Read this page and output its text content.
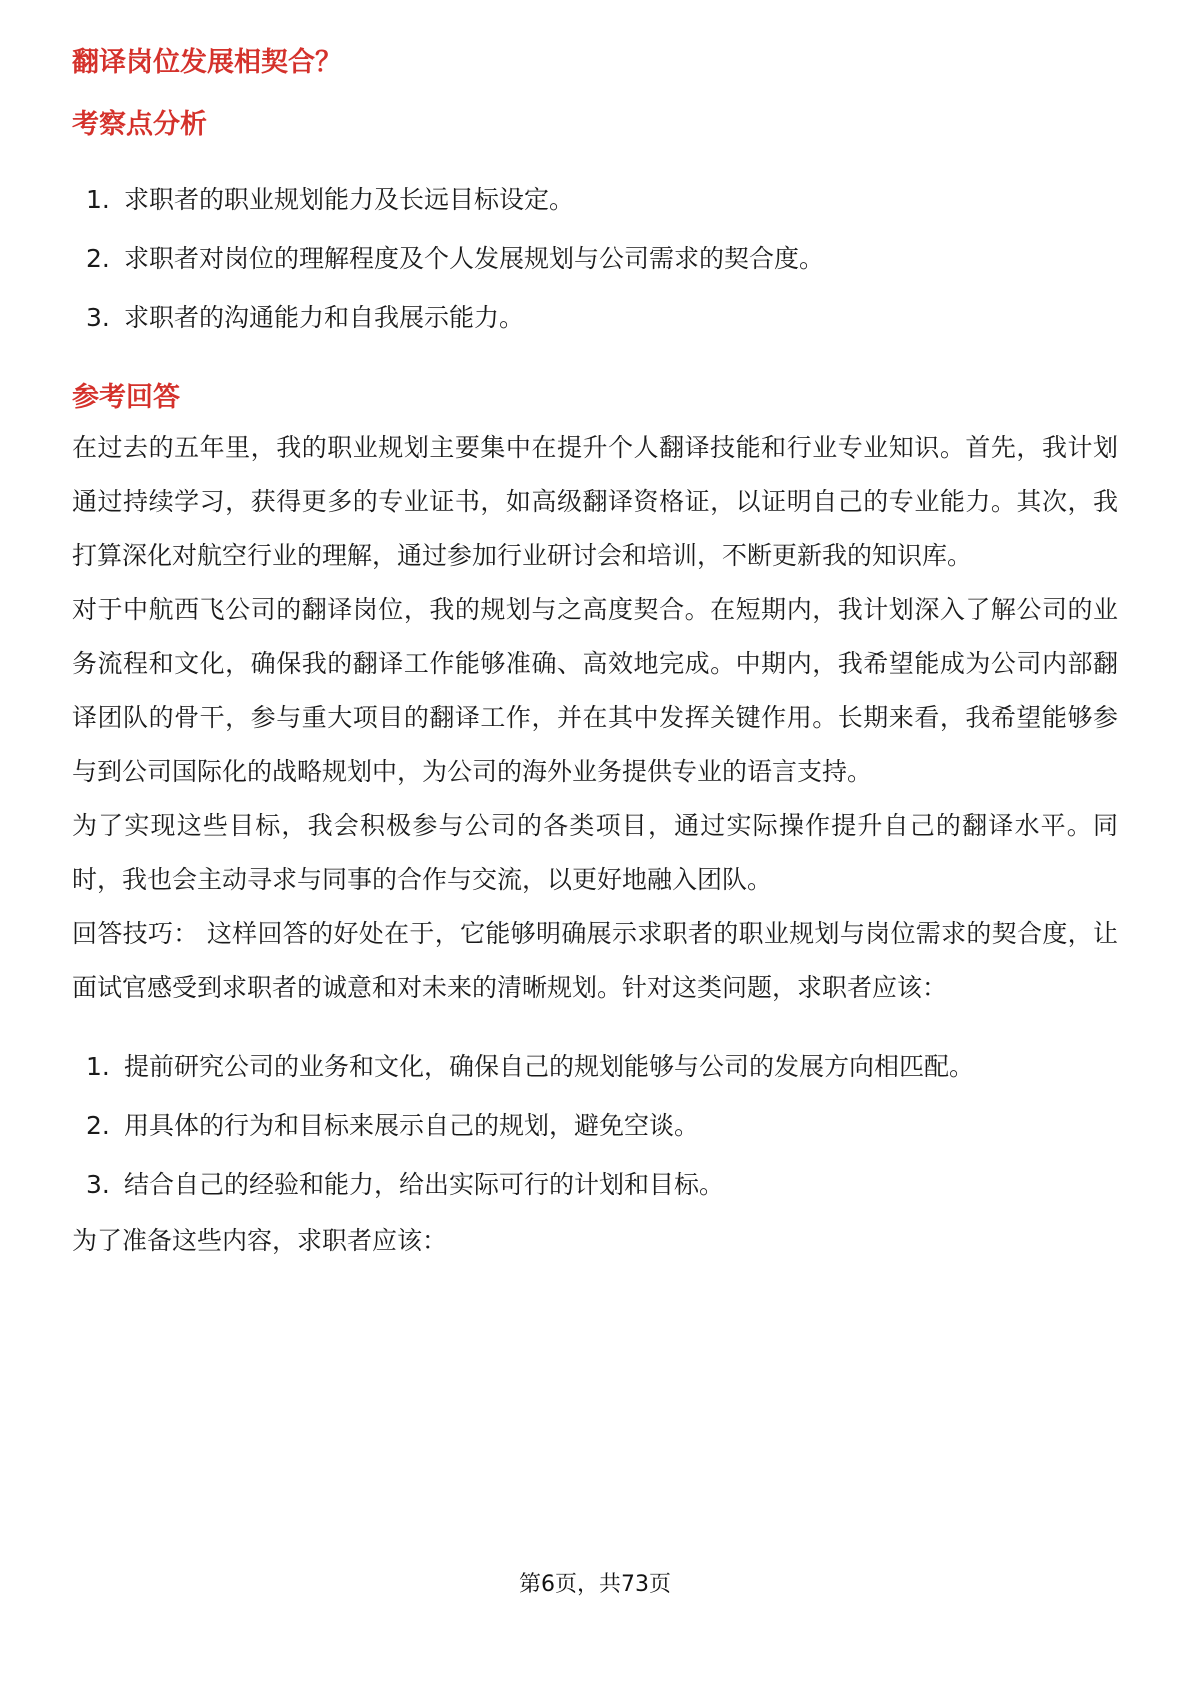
翻译岗位发展相契合？
考察点分析
1. 求职者的职业规划能力及长远目标设定。
2. 求职者对岗位的理解程度及个人发展规划与公司需求的契合度。
3. 求职者的沟通能力和自我展示能力。
参考回答

在过去的五年里，我的职业规划主要集中在提升个人翻译技能和行业专业知识。首先，我计划通过持续学习，获得更多的专业证书，如高级翻译资格证，以证明自己的专业能力。其次，我打算深化对航空行业的理解，通过参加行业研讨会和培训，不断更新我的知识库。

对于中航西飞公司的翻译岗位，我的规划与之高度契合。在短期内，我计划深入了解公司的业务流程和文化，确保我的翻译工作能够准确、高效地完成。中期内，我希望能成为公司内部翻译团队的骨干，参与重大项目的翻译工作，并在其中发挥关键作用。长期来看，我希望能够参与到公司国际化的战略规划中，为公司的海外业务提供专业的语言支持。

为了实现这些目标，我会积极参与公司的各类项目，通过实际操作提升自己的翻译水平。同时，我也会主动寻求与同事的合作与交流，以更好地融入团队。

回答技巧： 这样回答的好处在于，它能够明确展示求职者的职业规划与岗位需求的契合度，让面试官感受到求职者的诚意和对未来的清晰规划。针对这类问题，求职者应该：

1. 提前研究公司的业务和文化，确保自己的规划能够与公司的发展方向相匹配。
2. 用具体的行为和目标来展示自己的规划，避免空谈。
3. 结合自己的经验和能力，给出实际可行的计划和目标。

为了准备这些内容，求职者应该：

第6页，共73页
